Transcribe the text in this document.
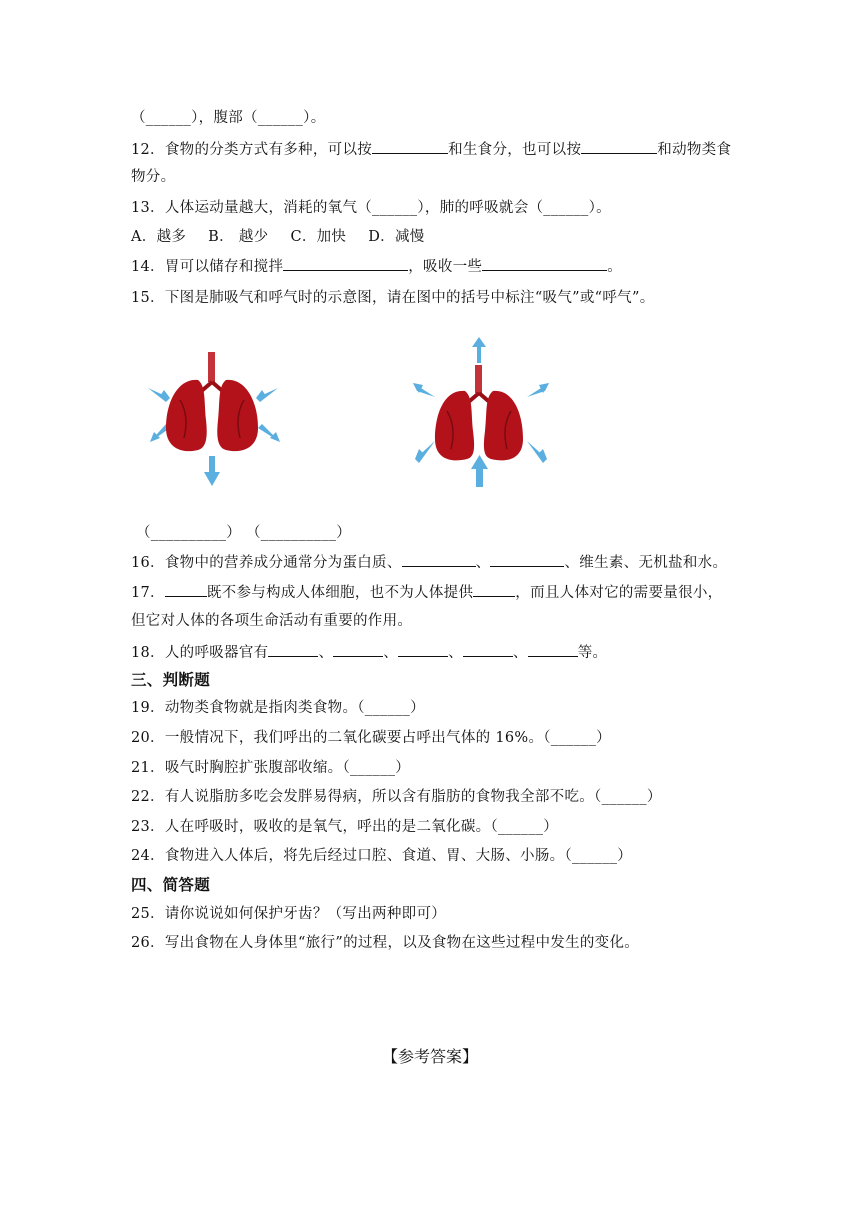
（______），腹部（______）。
12．食物的分类方式有多种，可以按	和生食分，也可以按	和动物类食
物分。
13．人体运动量越大，消耗的氧气（______），肺的呼吸就会（______）。
A．越多 B． 越少 C．加快 D．减慢
14．胃可以储存和搅拌	，吸收一些	。
15．下图是肺吸气和呼气时的示意图，请在图中的括号中标注“吸气”或“呼气”。
（__________） （__________）
16．食物中的营养成分通常分为蛋白质、	、	、维生素、无机盐和水。
17．	既不参与构成人体细胞，也不为人体提供	，而且人体对它的需要量很小，
但它对人体的各项生命活动有重要的作用。
18．人的呼吸器官有	、	、	、	、	等。
三、判断题
19．动物类食物就是指肉类食物。（______）
20．一般情况下，我们呼出的二氧化碳要占呼出气体的 16%。（______）
21．吸气时胸腔扩张腹部收缩。（______）
22．有人说脂肪多吃会发胖易得病，所以含有脂肪的食物我全部不吃。（______）
23．人在呼吸时，吸收的是氧气，呼出的是二氧化碳。（______）
24．食物进入人体后，将先后经过口腔、食道、胃、大肠、小肠。（______）
四、简答题
25．请你说说如何保护牙齿？（写出两种即可）
26．写出食物在人身体里“旅行”的过程，以及食物在这些过程中发生的变化。
【参考答案】
